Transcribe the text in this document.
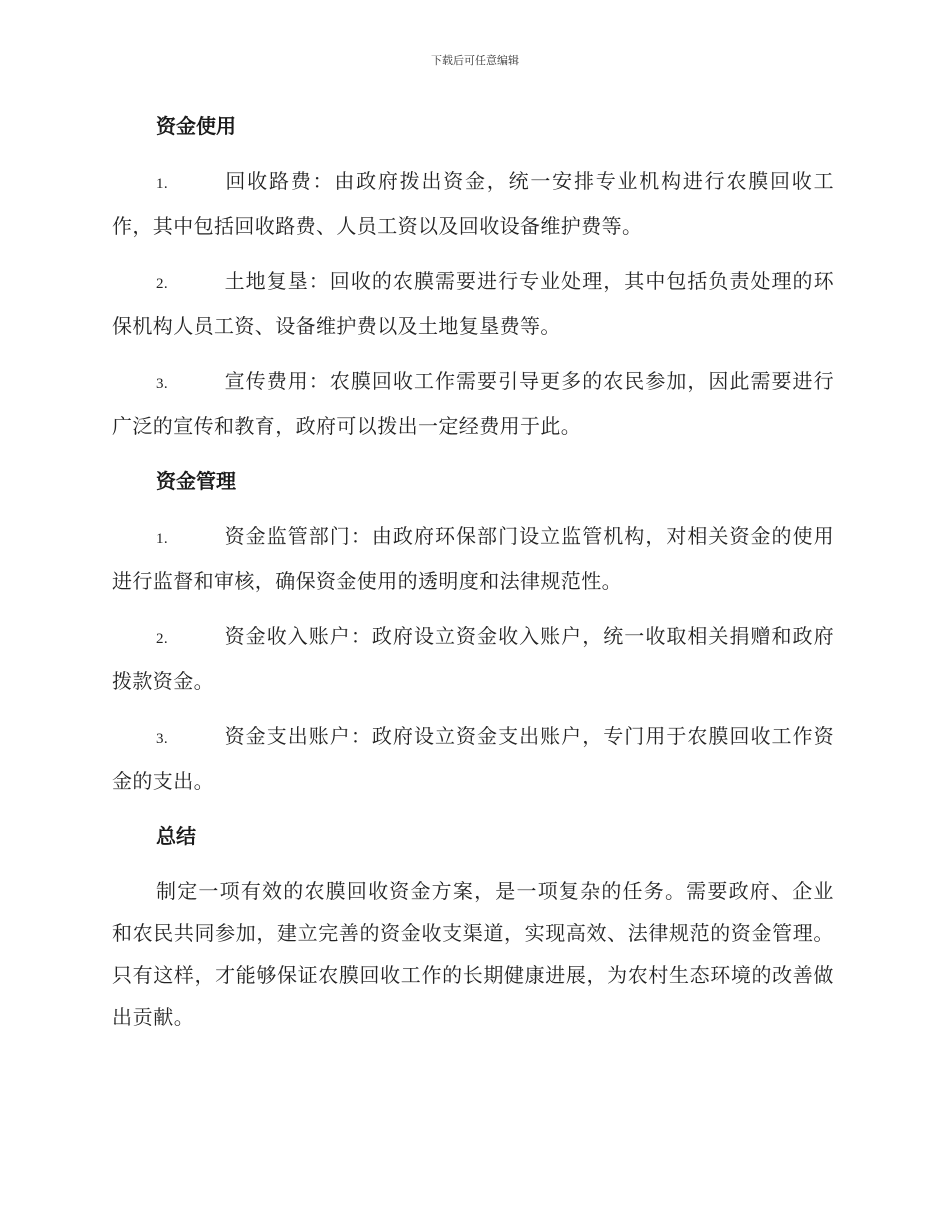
下载后可任意编辑
资金使用
1.	回收路费：由政府拨出资金，统一安排专业机构进行农膜回收工作，其中包括回收路费、人员工资以及回收设备维护费等。
2.	土地复垦：回收的农膜需要进行专业处理，其中包括负责处理的环保机构人员工资、设备维护费以及土地复垦费等。
3.	宣传费用：农膜回收工作需要引导更多的农民参加，因此需要进行广泛的宣传和教育，政府可以拨出一定经费用于此。
资金管理
1.	资金监管部门：由政府环保部门设立监管机构，对相关资金的使用进行监督和审核，确保资金使用的透明度和法律规范性。
2.	资金收入账户：政府设立资金收入账户，统一收取相关捐赠和政府拨款资金。
3.	资金支出账户：政府设立资金支出账户，专门用于农膜回收工作资金的支出。
总结

制定一项有效的农膜回收资金方案，是一项复杂的任务。需要政府、企业和农民共同参加，建立完善的资金收支渠道，实现高效、法律规范的资金管理。只有这样，才能够保证农膜回收工作的长期健康进展，为农村生态环境的改善做出贡献。
